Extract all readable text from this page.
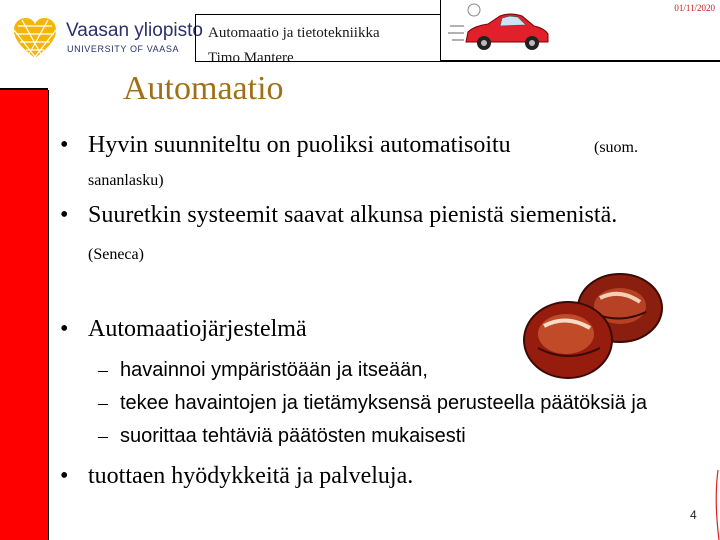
Vaasan yliopisto
UNIVERSITY OF VAASA
Automaatio ja tietotekniikka
Timo Mantere
01/11/2020
Automaatio
• Hyvin suunniteltu on puoliksi automatisoitu	(suom.
sananlasku)
• Suuretkin systeemit saavat alkunsa pienistä siemenistä.
(Seneca)
• Automaatiojärjestelmä
– havainnoi ympäristöään ja itseään,
– tekee havaintojen ja tietämyksensä perusteella päätöksiä ja
– suorittaa tehtäviä päätösten mukaisesti
• tuottaen hyödykkeitä ja palveluja.
4
